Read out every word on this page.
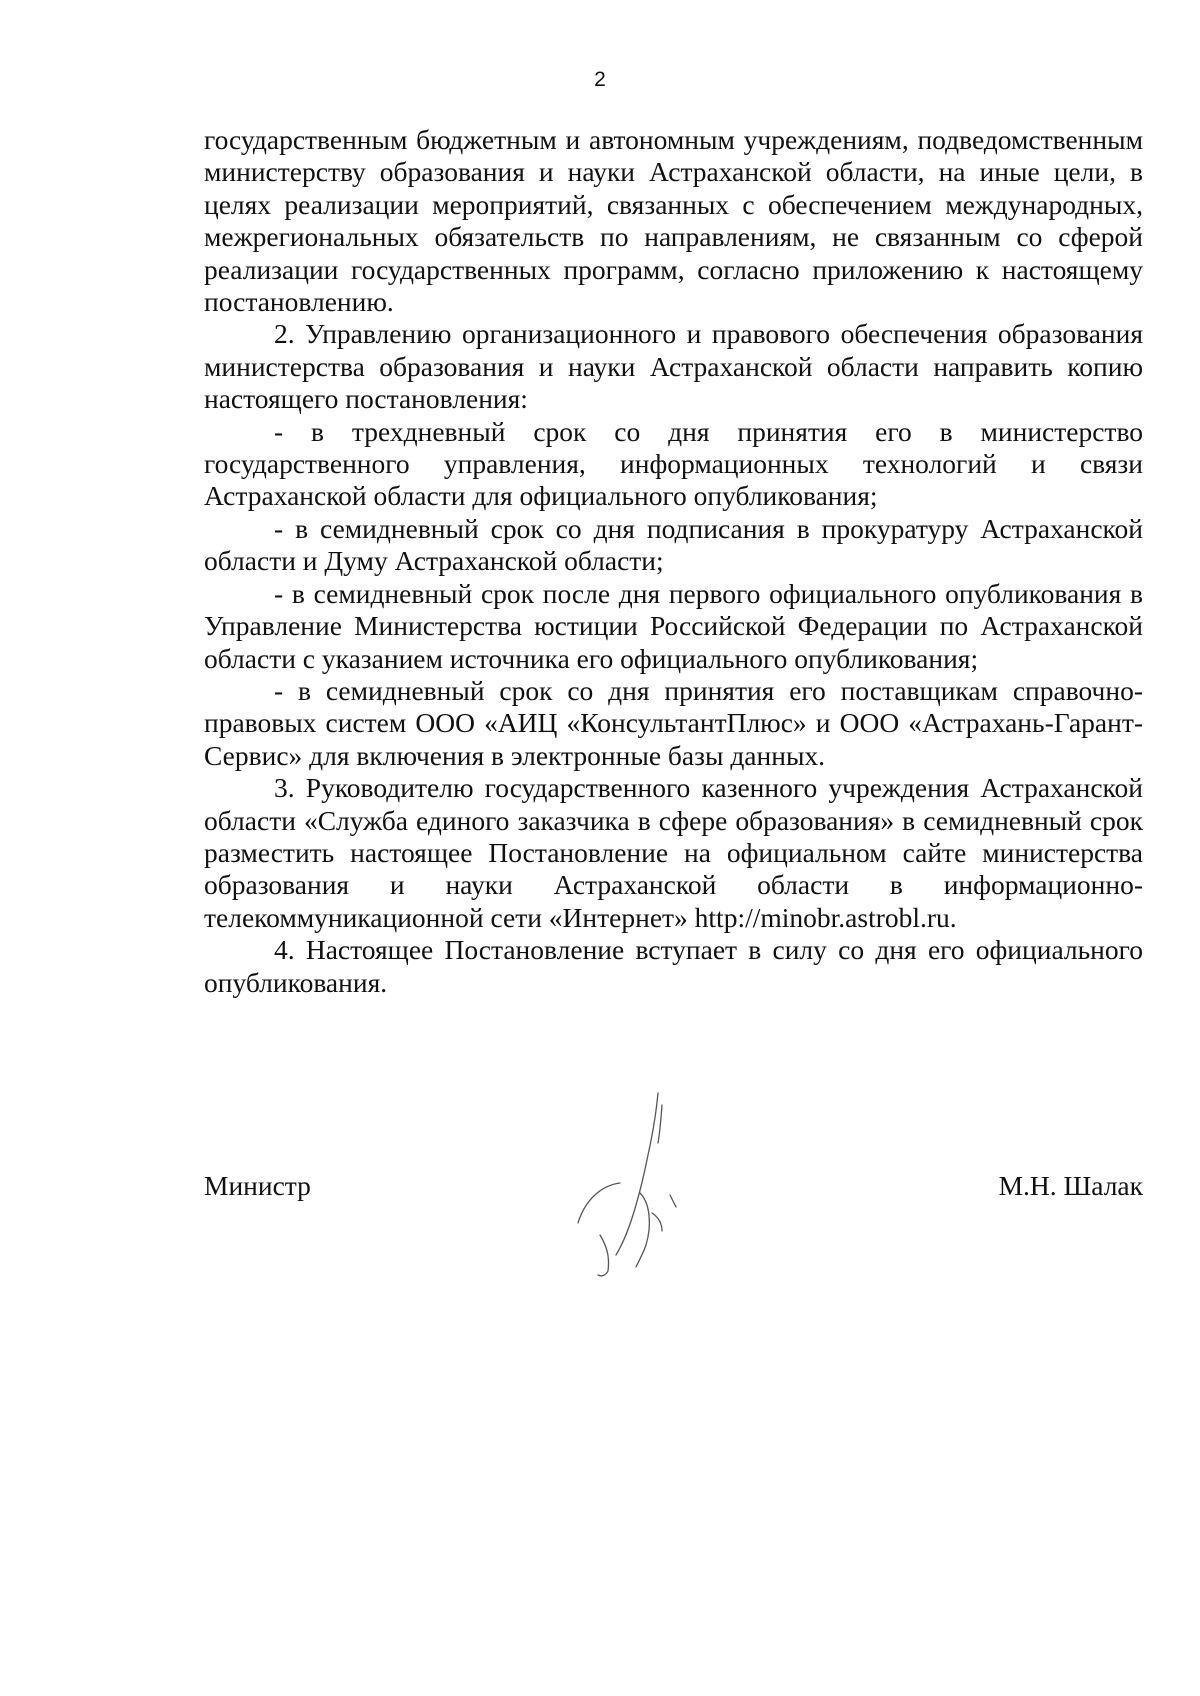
2

государственным бюджетным и автономным учреждениям, подведомственным министерству образования и науки Астраханской области, на иные цели, в целях реализации мероприятий, связанных с обеспечением международных, межрегиональных обязательств по направлениям, не связанным со сферой реализации государственных программ, согласно приложению к настоящему постановлению.

2. Управлению организационного и правового обеспечения образования министерства образования и науки Астраханской области направить копию настоящего постановления:

- в трехдневный срок со дня принятия его в министерство государственного управления, информационных технологий и связи Астраханской области для официального опубликования;

- в семидневный срок со дня подписания в прокуратуру Астраханской области и Думу Астраханской области;

- в семидневный срок после дня первого официального опубликования в Управление Министерства юстиции Российской Федерации по Астраханской области с указанием источника его официального опубликования;

- в семидневный срок со дня принятия его поставщикам справочно-правовых систем ООО «АИЦ «КонсультантПлюс» и ООО «Астрахань-Гарант-Сервис» для включения в электронные базы данных.

3. Руководителю государственного казенного учреждения Астраханской области «Служба единого заказчика в сфере образования» в семидневный срок разместить настоящее Постановление на официальном сайте министерства образования и науки Астраханской области в информационно-телекоммуникационной сети «Интернет» http://minobr.astrobl.ru.

4. Настоящее Постановление вступает в силу со дня его официального опубликования.

Министр	М.Н. Шалак
